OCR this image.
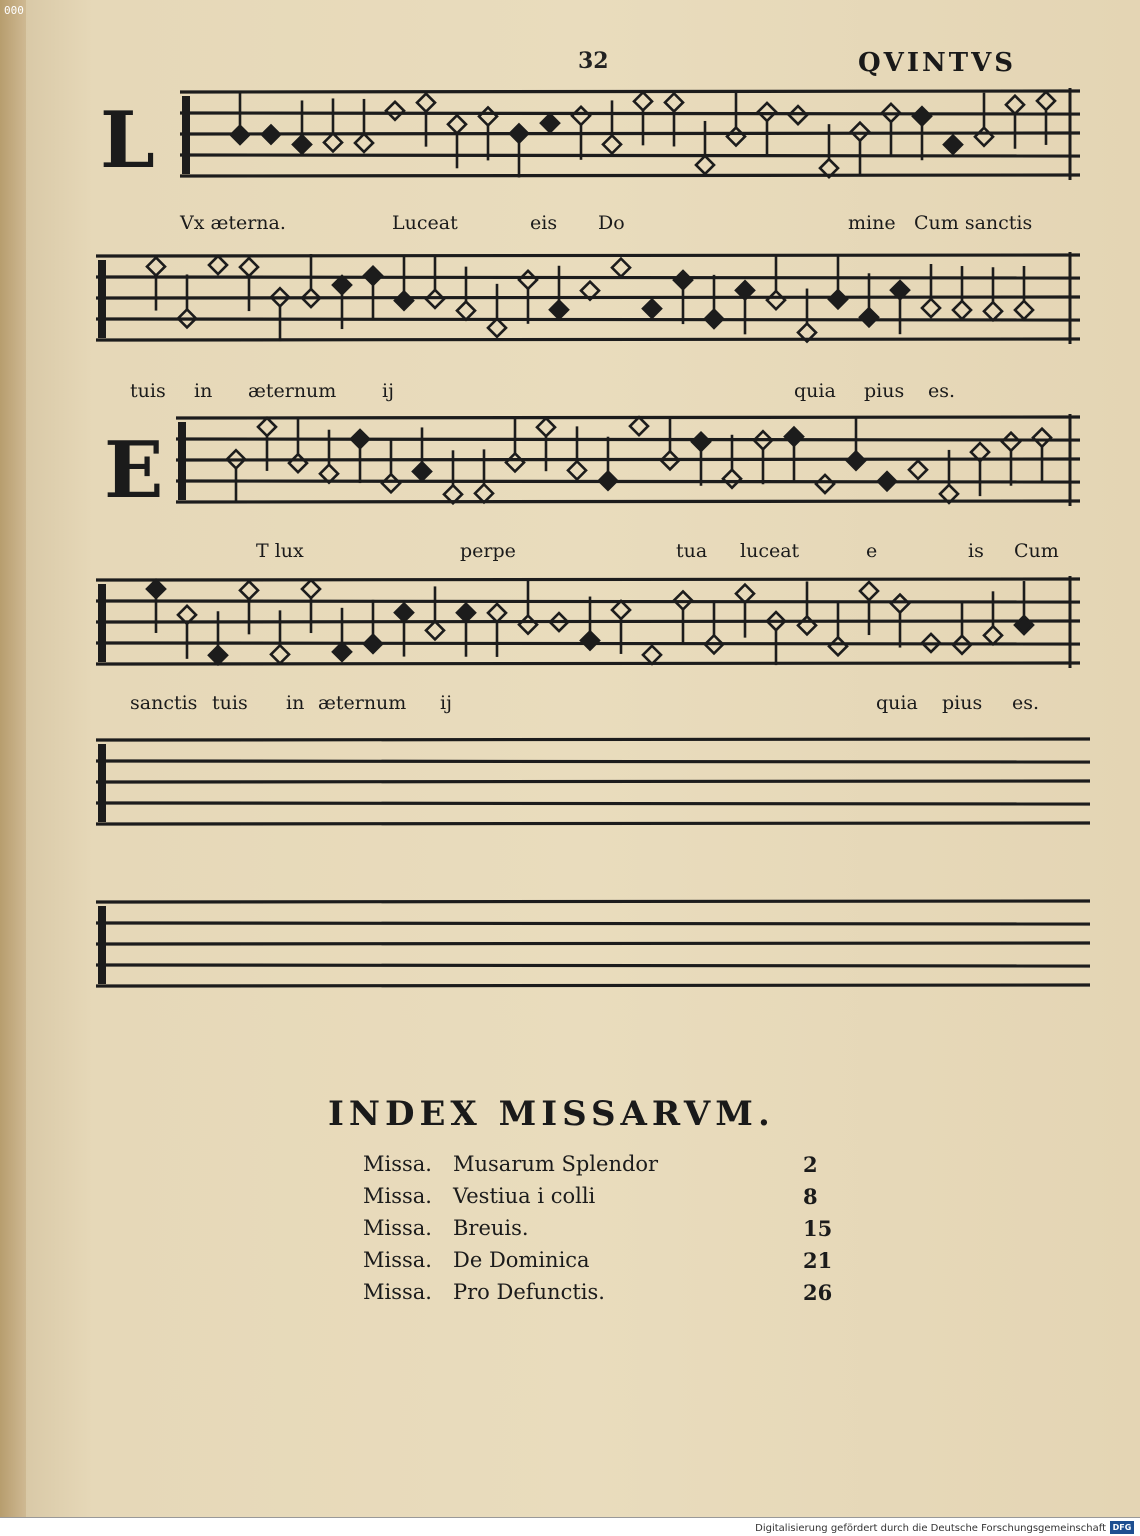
000
32	QVINTVS
L
E
Vx æterna.	Luceat	eis Do	mine Cum sanctis
tuis in æternum ij	quia pius es.
T lux	perpe	tua luceat	e	is Cum
sanctis tuis in æternum ij	quia pius es.
INDEX MISSARVM.
Missa. Musarum Splendor	2
Missa. Vestiua i colli	8
Missa. Breuis.	15
Missa. De Dominica	21
Missa. Pro Defunctis.	26
Digitalisierung gefördert durch die Deutsche Forschungsgemeinschaft DFG
